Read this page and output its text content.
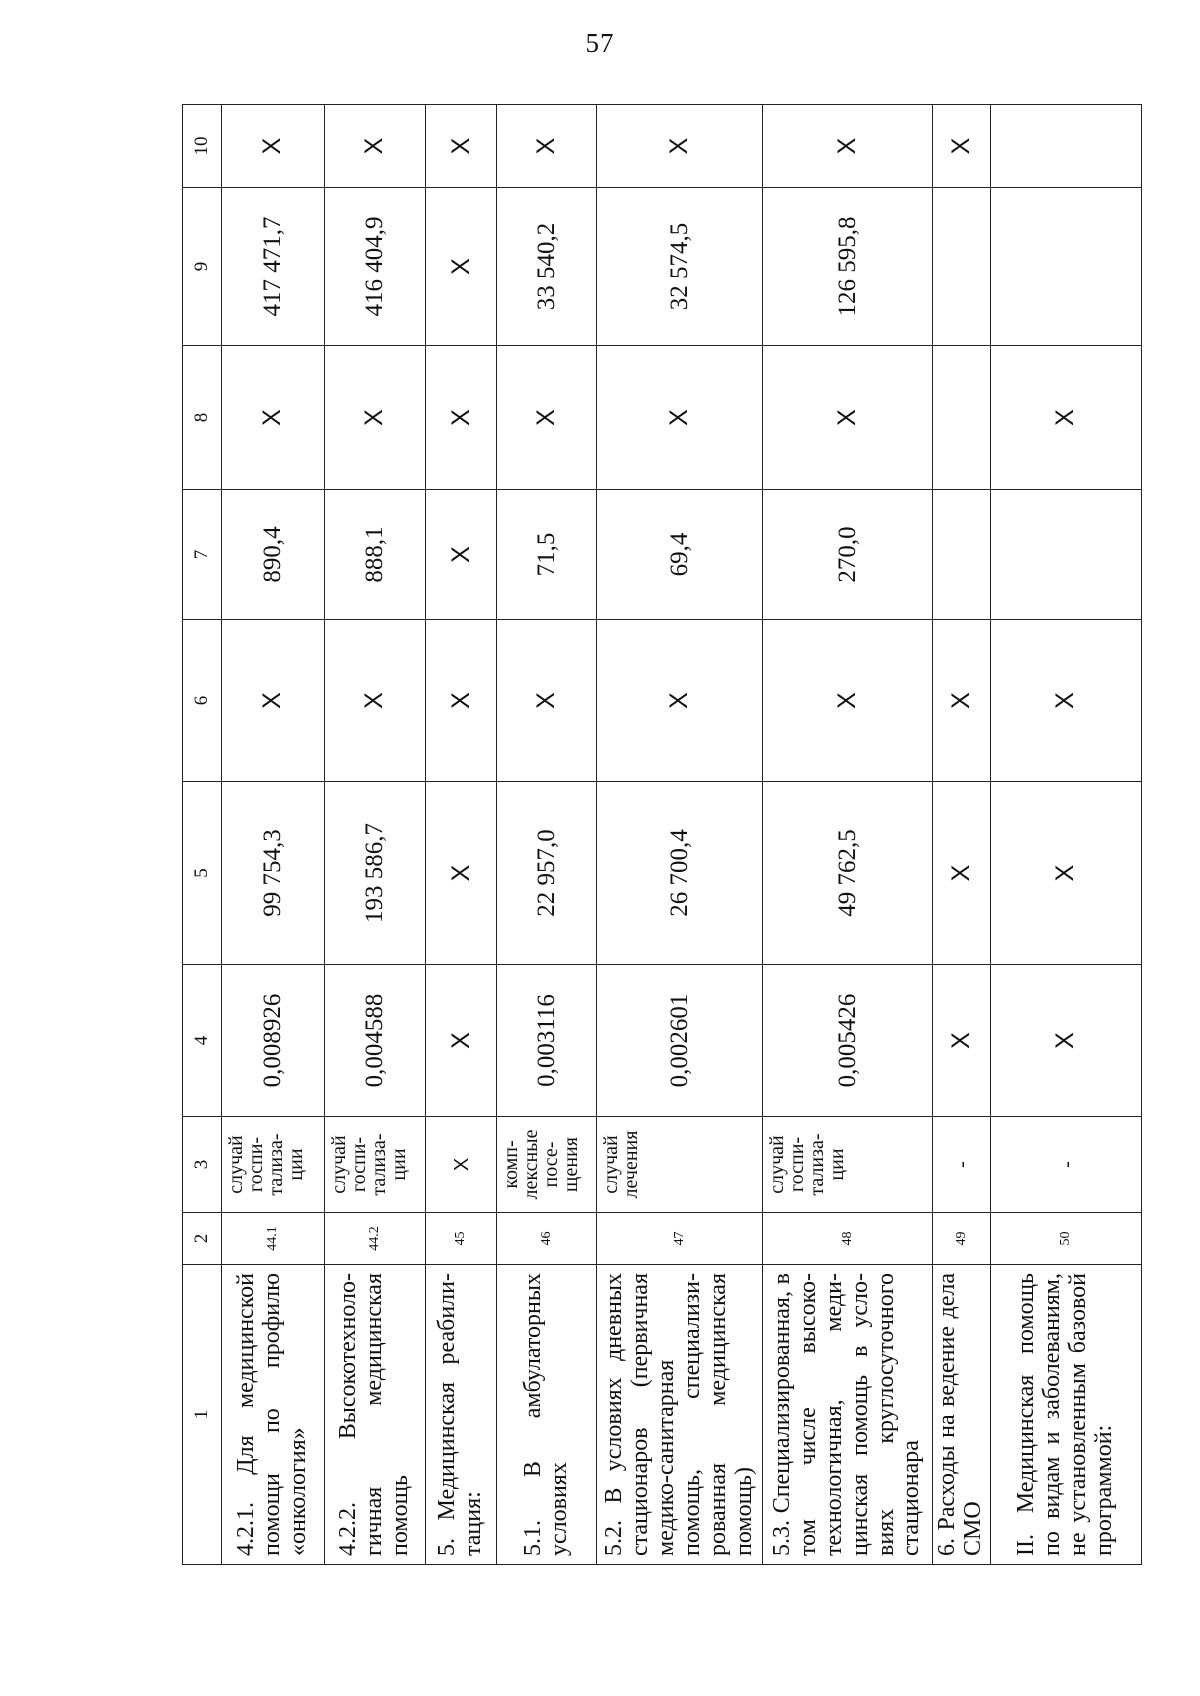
57
1	2	3	4	5	6	7	8	9	10
4.2.1. Для медицинской помощи по профилю «онкология»	44.1	случай госпи-тализа-ции	0,008926	99 754,3	Х	890,4	Х	417 471,7	Х
4.2.2. Высокотехноло-гичная медицинская помощь	44.2	случай госпи-тализа-ции	0,004588	193 586,7	Х	888,1	Х	416 404,9	Х
5. Медицинская реабили-тация:	45	Х	Х	Х	Х	Х	Х	Х	Х
5.1. В амбулаторных условиях	46	комп-лексные посе-щения	0,003116	22 957,0	Х	71,5	Х	33 540,2	Х
5.2. В условиях дневных стационаров (первичная медико-санитарная помощь, специализи-рованная медицинская помощь)	47	случай лечения	0,002601	26 700,4	Х	69,4	Х	32 574,5	Х
5.3. Специализированная, в том числе высоко-технологичная, меди-цинская помощь в усло-виях круглосуточного стационара	48	случай госпи-тализа-ции	0,005426	49 762,5	Х	270,0	Х	126 595,8	Х
6. Расходы на ведение дела СМО	49	-	Х	Х	Х				Х
II. Медицинская помощь по видам и заболеваниям, не установленным базовой программой:	50	-	Х	Х	Х		Х		
